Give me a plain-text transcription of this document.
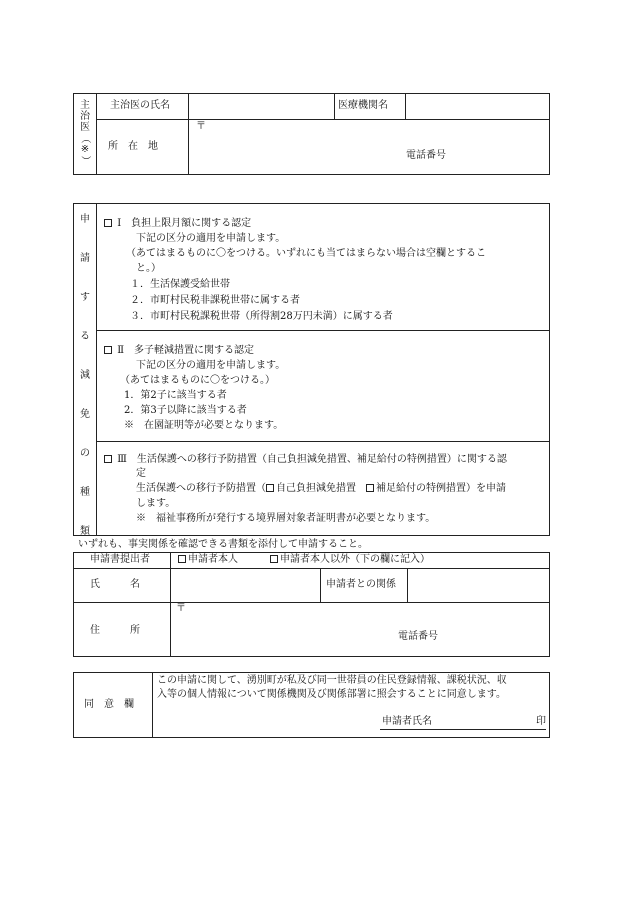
主
治
医
（
※
）
主治医の氏名	医療機関名
所　在　地
〒
電話番号
申
請
す
る
減
免
の
種
類
Ⅰ　負担上限月額に関する認定
下記の区分の適用を申請します。
（あてはまるものに〇をつける。いずれにも当てはまらない場合は空欄とするこ
と。）
１．生活保護受給世帯
２．市町村民税非課税世帯に属する者
３．市町村民税課税世帯（所得割28万円未満）に属する者
Ⅱ　多子軽減措置に関する認定
下記の区分の適用を申請します。
（あてはまるものに〇をつける。）
1．第2子に該当する者
2．第3子以降に該当する者
※　在園証明等が必要となります。
Ⅲ　生活保護への移行予防措置（自己負担減免措置、補足給付の特例措置）に関する認
定
生活保護への移行予防措置（ 自己負担減免措置　 補足給付の特例措置）を申請
します。
※　福祉事務所が発行する境界層対象者証明書が必要となります。
いずれも、事実関係を確認できる書類を添付して申請すること。
申請書提出者	申請者本人	申請者本人以外（下の欄に記入）
氏　　　名	申請者との関係
住　　　所
〒
電話番号
同　意　欄
この申請に関して、湧別町が私及び同一世帯員の住民登録情報、課税状況、収
入等の個人情報について関係機関及び関係部署に照会することに同意します。
申請者氏名	印
